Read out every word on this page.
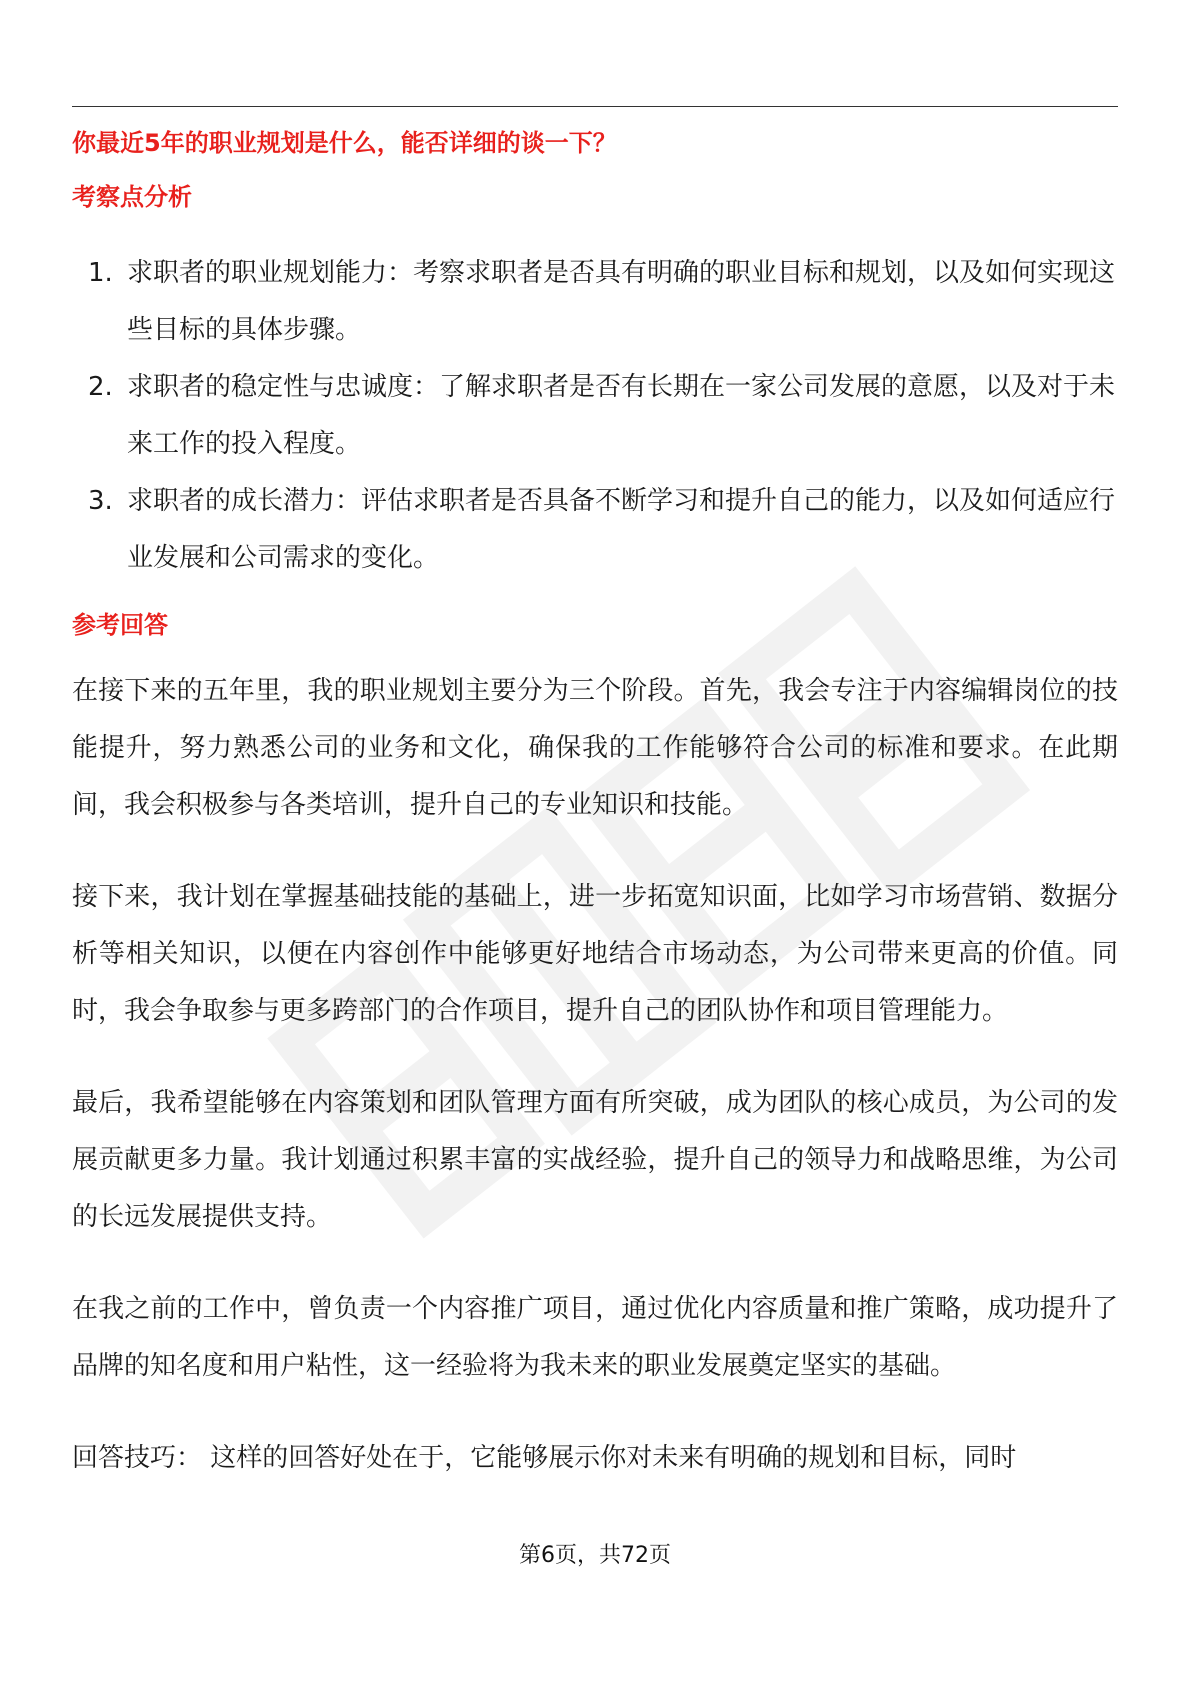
你最近5年的职业规划是什么，能否详细的谈一下？

考察点分析

1. 求职者的职业规划能力：考察求职者是否具有明确的职业目标和规划，以及如何实现这些目标的具体步骤。
2. 求职者的稳定性与忠诚度：了解求职者是否有长期在一家公司发展的意愿，以及对于未来工作的投入程度。
3. 求职者的成长潜力：评估求职者是否具备不断学习和提升自己的能力，以及如何适应行业发展和公司需求的变化。

参考回答

在接下来的五年里，我的职业规划主要分为三个阶段。首先，我会专注于内容编辑岗位的技能提升，努力熟悉公司的业务和文化，确保我的工作能够符合公司的标准和要求。在此期间，我会积极参与各类培训，提升自己的专业知识和技能。

接下来，我计划在掌握基础技能的基础上，进一步拓宽知识面，比如学习市场营销、数据分析等相关知识，以便在内容创作中能够更好地结合市场动态，为公司带来更高的价值。同时，我会争取参与更多跨部门的合作项目，提升自己的团队协作和项目管理能力。

最后，我希望能够在内容策划和团队管理方面有所突破，成为团队的核心成员，为公司的发展贡献更多力量。我计划通过积累丰富的实战经验，提升自己的领导力和战略思维，为公司的长远发展提供支持。

在我之前的工作中，曾负责一个内容推广项目，通过优化内容质量和推广策略，成功提升了品牌的知名度和用户粘性，这一经验将为我未来的职业发展奠定坚实的基础。

回答技巧： 这样的回答好处在于，它能够展示你对未来有明确的规划和目标，同时

第6页，共72页
